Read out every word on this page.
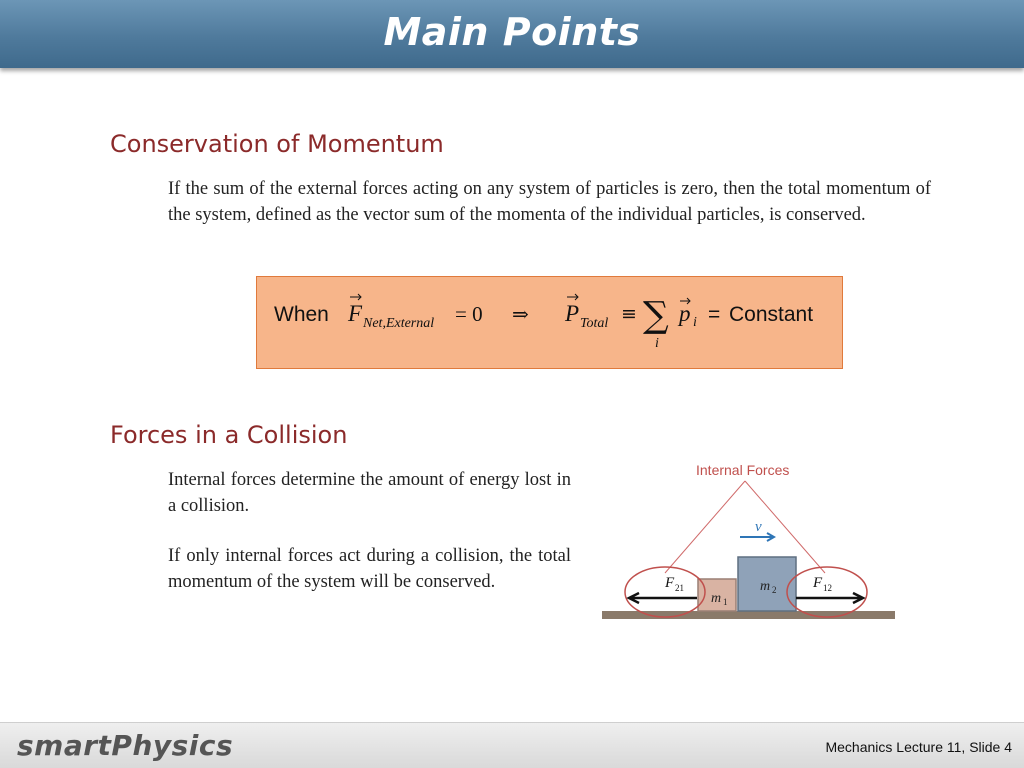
Main Points
Conservation of Momentum
If the sum of the external forces acting on any system of particles is zero, then the total momentum of the system, defined as the vector sum of the momenta of the individual particles, is conserved.
When F Net,External = 0 ⇒ P Total ≡ ∑
i
p i = Constant
Forces in a Collision
Internal forces determine the amount of energy lost in a collision.
If only internal forces act during a collision, the total momentum of the system will be conserved.
Internal Forces
v
m 1
m 2
F 21	F 12
smartPhysics	Mechanics Lecture 11, Slide 4
